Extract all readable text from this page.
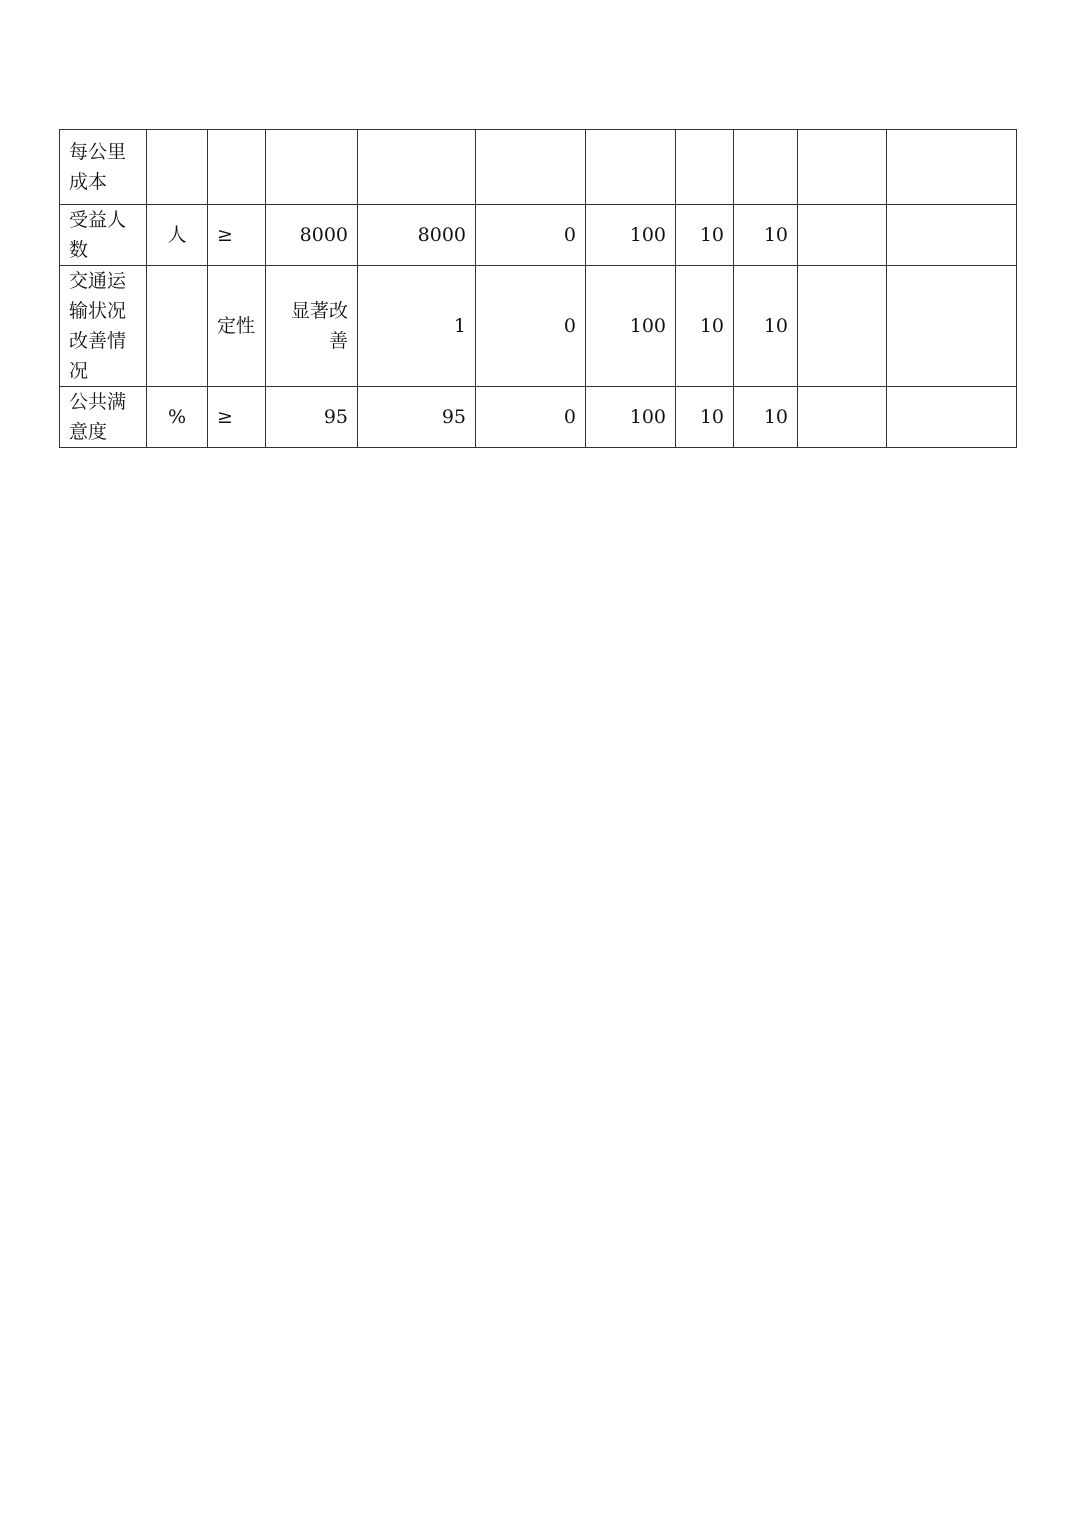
每公里成本										
受益人数	人	≥	8000	8000	0	100	10	10		
交通运输状况改善情况		定性	显著改善	1	0	100	10	10		
公共满意度	%	≥	95	95	0	100	10	10		
